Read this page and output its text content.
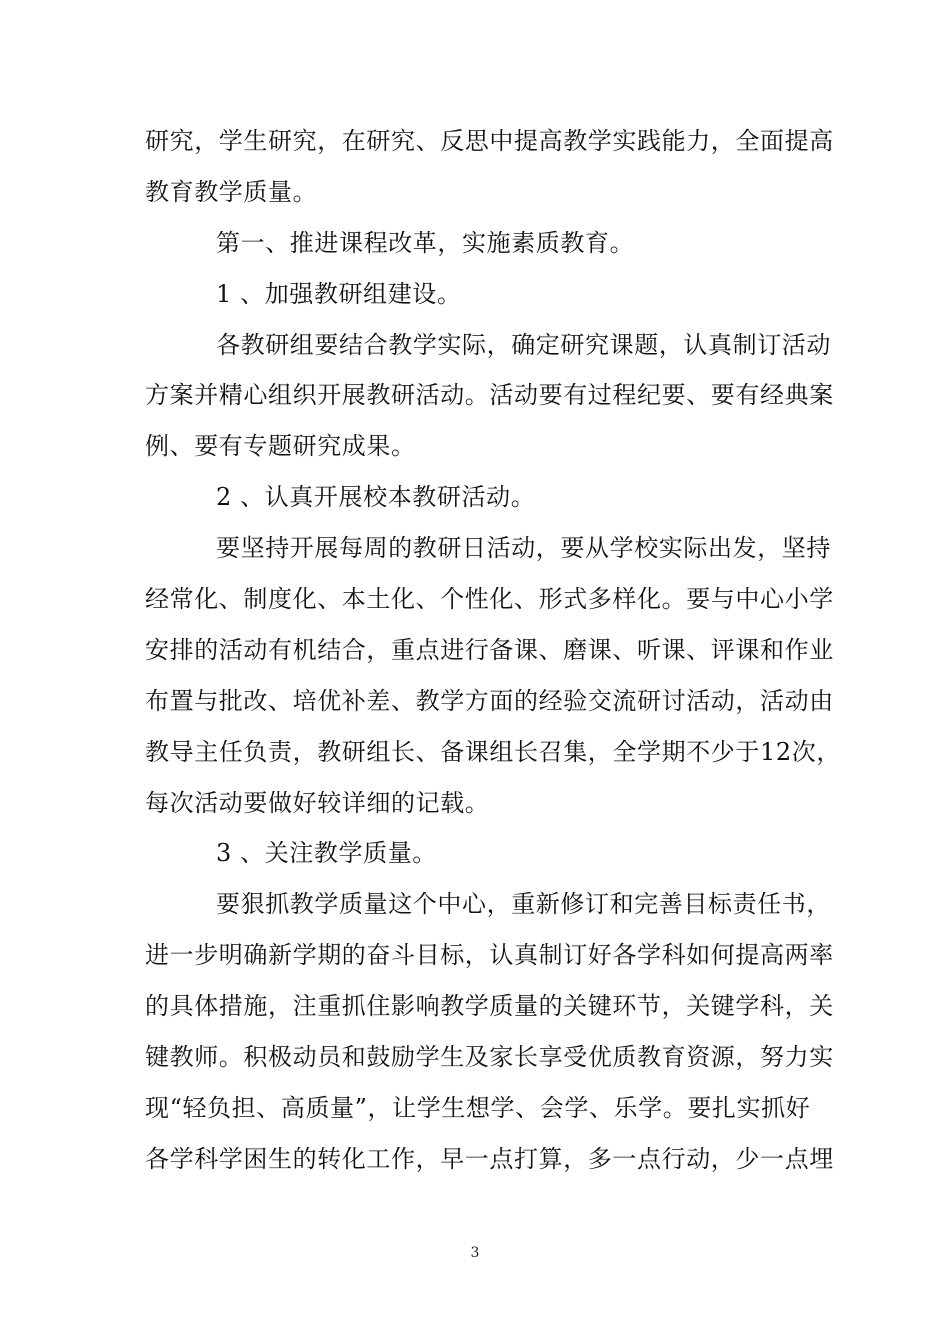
研究，学生研究，在研究、反思中提高教学实践能力，全面提高
教育教学质量。
第一、推进课程改革，实施素质教育。
1 、加强教研组建设。
各教研组要结合教学实际，确定研究课题，认真制订活动
方案并精心组织开展教研活动。活动要有过程纪要、要有经典案
例、要有专题研究成果。
2 、认真开展校本教研活动。
要坚持开展每周的教研日活动，要从学校实际出发，坚持
经常化、制度化、本土化、个性化、形式多样化。要与中心小学
安排的活动有机结合，重点进行备课、磨课、听课、评课和作业
布置与批改、培优补差、教学方面的经验交流研讨活动，活动由
教导主任负责，教研组长、备课组长召集，全学期不少于12次，
每次活动要做好较详细的记载。
3 、关注教学质量。
要狠抓教学质量这个中心，重新修订和完善目标责任书，
进一步明确新学期的奋斗目标，认真制订好各学科如何提高两率
的具体措施，注重抓住影响教学质量的关键环节，关键学科，关
键教师。积极动员和鼓励学生及家长享受优质教育资源，努力实
现“轻负担、高质量”，让学生想学、会学、乐学。要扎实抓好
各学科学困生的转化工作，早一点打算，多一点行动，少一点埋
3
